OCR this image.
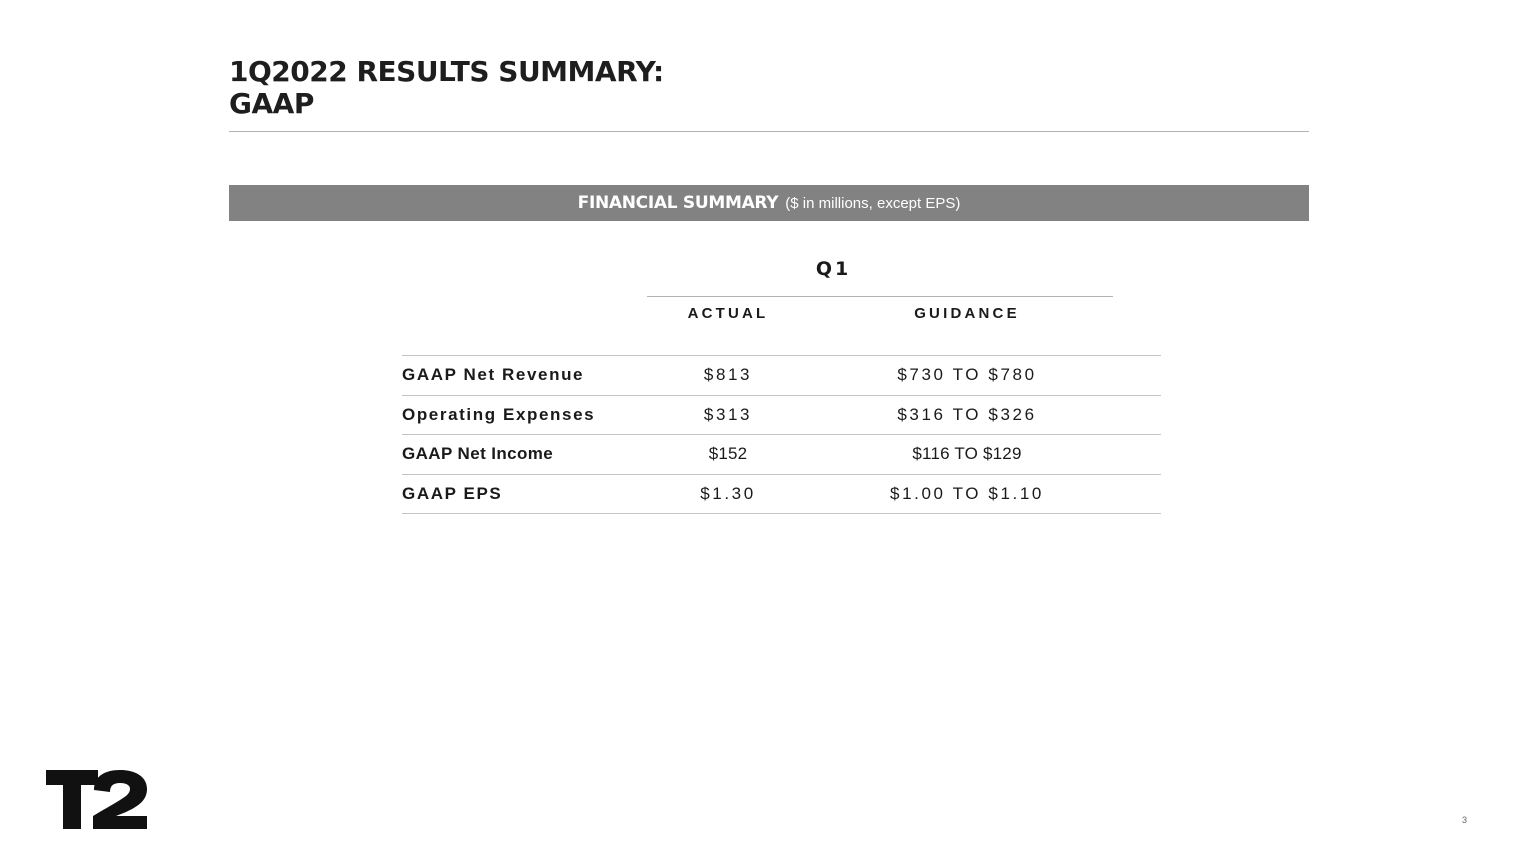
1Q2022 RESULTS SUMMARY:
GAAP
FINANCIAL SUMMARY ($ in millions, except EPS)
Q1
ACTUAL	GUIDANCE
GAAP Net Revenue	$813	$730 TO $780
Operating Expenses	$313	$316 TO $326
GAAP Net Income	$152	$116 TO $129
GAAP EPS	$1.30	$1.00 TO $1.10
3
